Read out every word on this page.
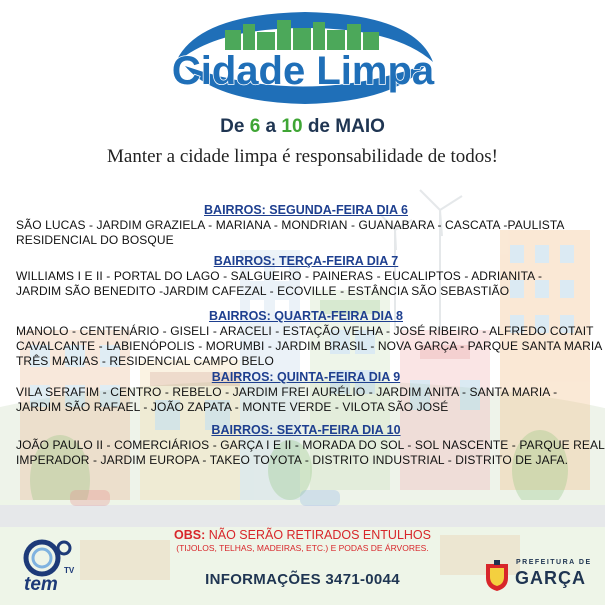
Cidade Limpa
De 6 a 10 de MAIO
Manter a cidade limpa é responsabilidade de todos!
BAIRROS: SEGUNDA-FEIRA DIA 6
SÃO LUCAS - JARDIM GRAZIELA - MARIANA - MONDRIAN - GUANABARA - CASCATA -PAULISTA
RESIDENCIAL DO BOSQUE
BAIRROS: TERÇA-FEIRA DIA 7
WILLIAMS I E II - PORTAL DO LAGO - SALGUEIRO - PAINERAS - EUCALIPTOS - ADRIANITA -
JARDIM SÃO BENEDITO -JARDIM CAFEZAL - ECOVILLE - ESTÂNCIA SÃO SEBASTIÃO
BAIRROS: QUARTA-FEIRA DIA 8
MANOLO - CENTENÁRIO - GISELI - ARACELI - ESTAÇÃO VELHA - JOSÉ RIBEIRO - ALFREDO COTAIT
CAVALCANTE - LABIENÓPOLIS - MORUMBI - JARDIM BRASIL - NOVA GARÇA - PARQUE SANTA MARIA
TRÊS MARIAS - RESIDENCIAL CAMPO BELO
BAIRROS: QUINTA-FEIRA DIA 9
VILA SERAFIM - CENTRO - REBELO - JARDIM FREI AURÉLIO - JARDIM ANITA - SANTA MARIA -
JARDIM SÃO RAFAEL - JOÃO ZAPATA - MONTE VERDE - VILOTA SÃO JOSÉ
BAIRROS: SEXTA-FEIRA DIA 10
JOÃO PAULO II - COMERCIÁRIOS - GARÇA I E II - MORADA DO SOL - SOL NASCENTE - PARQUE REAL
IMPERADOR - JARDIM EUROPA - TAKEO TOYOTA - DISTRITO INDUSTRIAL - DISTRITO DE JAFA.
OBS: NÃO SERÃO RETIRADOS ENTULHOS
(TIJOLOS, TELHAS, MADEIRAS, ETC.) E PODAS DE ÁRVORES.
INFORMAÇÕES 3471-0044
tem
TV
PREFEITURA DE
GARÇA
